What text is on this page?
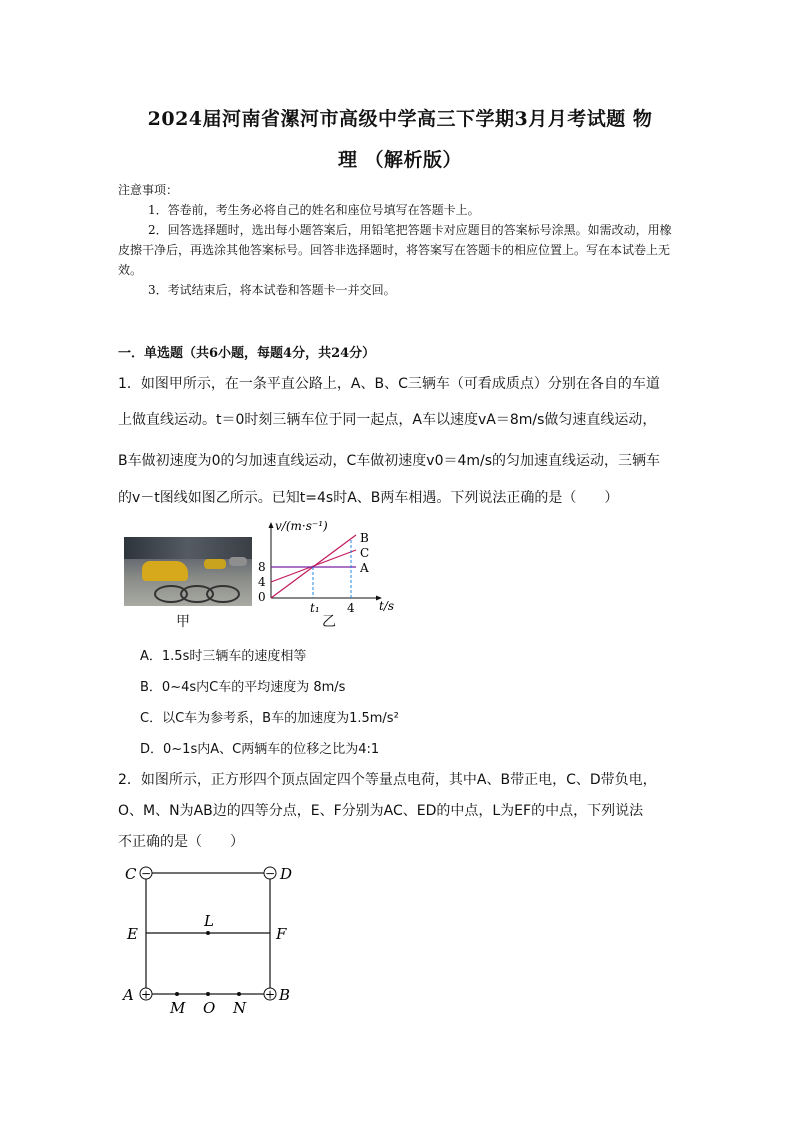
2024届河南省漯河市高级中学高三下学期3月月考试题 物
理 （解析版）

注意事项：

1．答卷前，考生务必将自己的姓名和座位号填写在答题卡上。

2．回答选择题时，选出每小题答案后，用铅笔把答题卡对应题目的答案标号涂黑。如需改动，用橡皮擦干净后，再选涂其他答案标号。回答非选择题时，将答案写在答题卡的相应位置上。写在本试卷上无效。

3．考试结束后，将本试卷和答题卡一并交回。

一．单选题（共6小题，每题4分，共24分）
1．如图甲所示，在一条平直公路上，A、B、C三辆车（可看成质点）分别在各自的车道
上做直线运动。t＝0时刻三辆车位于同一起点，A车以速度vA＝8m/s做匀速直线运动，
B车做初速度为0的匀加速直线运动，C车做初速度v0＝4m/s的匀加速直线运动，三辆车
的v－t图线如图乙所示。已知t=4s时A、B两车相遇。下列说法正确的是（　　）
甲
v/(m·s⁻¹)
B
C
A
8
4
0
t₁ 4 t/s
乙
A．1.5s时三辆车的速度相等
B．0~4s内C车的平均速度为 8m/s
C．以C车为参考系，B车的加速度为1.5m/s²
D．0~1s内A、C两辆车的位移之比为4:1
2．如图所示，正方形四个顶点固定四个等量点电荷，其中A、B带正电，C、D带负电，
O、M、N为AB边的四等分点，E、F分别为AC、ED的中点，L为EF的中点，下列说法
不正确的是（　　）
−	−
+	+
C	D
E	F
L
A	B
M O N
